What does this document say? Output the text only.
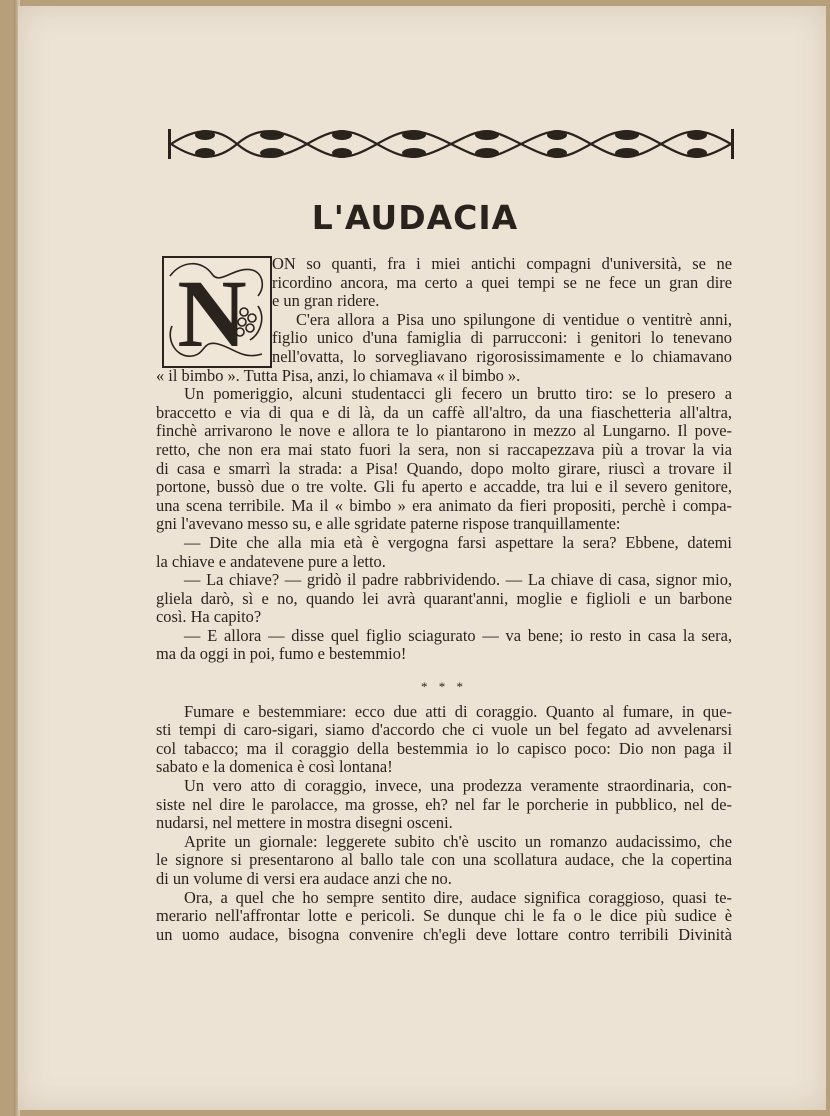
L'AUDACIA
N	ON so quanti, fra i miei antichi compagni d'università, se ne
ricordino ancora, ma certo a quei tempi se ne fece un gran dire
e un gran ridere.
C'era allora a Pisa uno spilungone di ventidue o ventitrè anni,
figlio unico d'una famiglia di parrucconi: i genitori lo tenevano
nell'ovatta, lo sorvegliavano rigorosissimamente e lo chiamavano
« il bimbo ». Tutta Pisa, anzi, lo chiamava « il bimbo ».
Un pomeriggio, alcuni studentacci gli fecero un brutto tiro: se lo presero a
braccetto e via di qua e di là, da un caffè all'altro, da una fiaschetteria all'altra,
finchè arrivarono le nove e allora te lo piantarono in mezzo al Lungarno. Il pove-
retto, che non era mai stato fuori la sera, non si raccapezzava più a trovar la via
di casa e smarrì la strada: a Pisa! Quando, dopo molto girare, riuscì a trovare il
portone, bussò due o tre volte. Gli fu aperto e accadde, tra lui e il severo genitore,
una scena terribile. Ma il « bimbo » era animato da fieri propositi, perchè i compa-
gni l'avevano messo su, e alle sgridate paterne rispose tranquillamente:
— Dite che alla mia età è vergogna farsi aspettare la sera? Ebbene, datemi
la chiave e andatevene pure a letto.
— La chiave? — gridò il padre rabbrividendo. — La chiave di casa, signor mio,
gliela darò, sì e no, quando lei avrà quarant'anni, moglie e figlioli e un barbone
così. Ha capito?
— E allora — disse quel figlio sciagurato — va bene; io resto in casa la sera,
ma da oggi in poi, fumo e bestemmio!
* * *
Fumare e bestemmiare: ecco due atti di coraggio. Quanto al fumare, in que-
sti tempi di caro-sigari, siamo d'accordo che ci vuole un bel fegato ad avvelenarsi
col tabacco; ma il coraggio della bestemmia io lo capisco poco: Dio non paga il
sabato e la domenica è così lontana!
Un vero atto di coraggio, invece, una prodezza veramente straordinaria, con-
siste nel dire le parolacce, ma grosse, eh? nel far le porcherie in pubblico, nel de-
nudarsi, nel mettere in mostra disegni osceni.
Aprite un giornale: leggerete subito ch'è uscito un romanzo audacissimo, che
le signore si presentarono al ballo tale con una scollatura audace, che la copertina
di un volume di versi era audace anzi che no.
Ora, a quel che ho sempre sentito dire, audace significa coraggioso, quasi te-
merario nell'affrontar lotte e pericoli. Se dunque chi le fa o le dice più sudice è
un uomo audace, bisogna convenire ch'egli deve lottare contro terribili Divinità
